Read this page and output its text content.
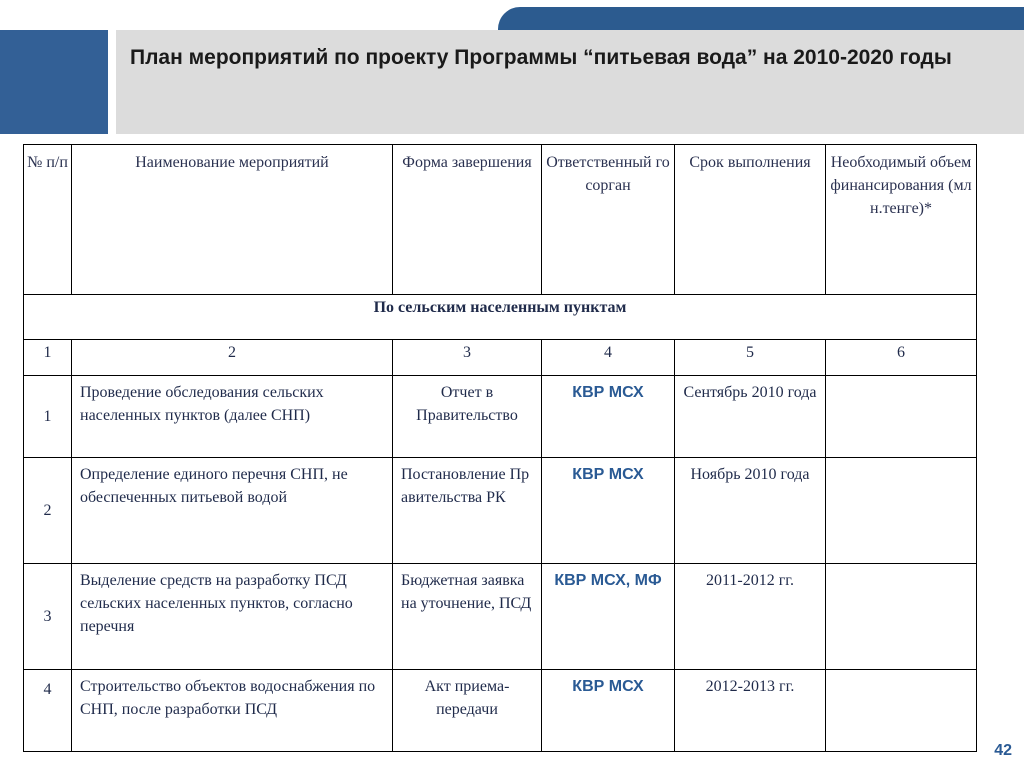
План мероприятий по проекту Программы “питьевая вода” на 2010-2020 годы
№ п/п	Наименование мероприятий	Форма завершения	Ответственный госорган	Срок выполнения	Необходимый объем финансирования (млн.тенге)*
По сельским населенным пунктам					
1	2	3	4	5	6
1	Проведение обследования сельских населенных пунктов (далее СНП)	Отчет в Правительство	КВР МСХ	Сентябрь 2010 года	
2	Определение единого перечня СНП, не обеспеченных питьевой водой	Постановление Правительства РК	КВР МСХ	Ноябрь 2010 года	
3	Выделение средств на разработку ПСД сельских населенных пунктов, согласно перечня	Бюджетная заявка на уточнение, ПСД	КВР МСХ, МФ	2011-2012 гг.	
4	Строительство объектов водоснабжения по СНП, после разработки ПСД	Акт приема-передачи	КВР МСХ	2012-2013 гг.	
42
